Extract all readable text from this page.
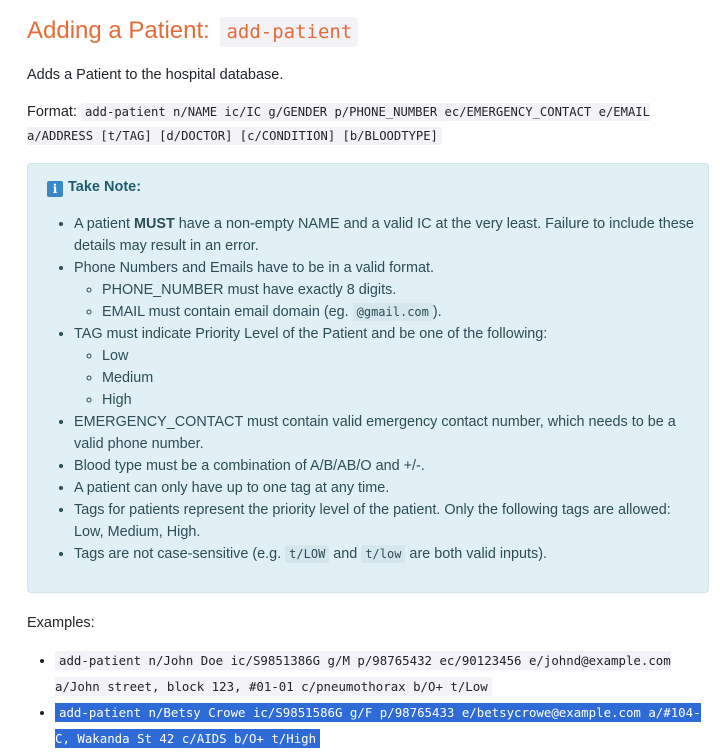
Adding a Patient: add-patient

Adds a Patient to the hospital database.

Format: add-patient n/NAME ic/IC g/GENDER p/PHONE_NUMBER ec/EMERGENCY_CONTACT e/EMAIL a/ADDRESS [t/TAG] [d/DOCTOR] [c/CONDITION] [b/BLOODTYPE]

i Take Note:
• A patient MUST have a non-empty NAME and a valid IC at the very least. Failure to include these details may result in an error.
• Phone Numbers and Emails have to be in a valid format.
◦ PHONE_NUMBER must have exactly 8 digits.
◦ EMAIL must contain email domain (eg. @gmail.com ).
• TAG must indicate Priority Level of the Patient and be one of the following:
◦ Low
◦ Medium
◦ High
• EMERGENCY_CONTACT must contain valid emergency contact number, which needs to be a valid phone number.
• Blood type must be a combination of A/B/AB/O and +/-.
• A patient can only have up to one tag at any time.
• Tags for patients represent the priority level of the patient. Only the following tags are allowed: Low, Medium, High.
• Tags are not case-sensitive (e.g. t/LOW and t/low are both valid inputs).

Examples:

• add-patient n/John Doe ic/S9851386G g/M p/98765432 ec/90123456 e/johnd@example.com a/John street, block 123, #01-01 c/pneumothorax b/O+ t/Low
• add-patient n/Betsy Crowe ic/S9851586G g/F p/98765433 e/betsycrowe@example.com a/#104-C, Wakanda St 42 c/AIDS b/O+ t/High
